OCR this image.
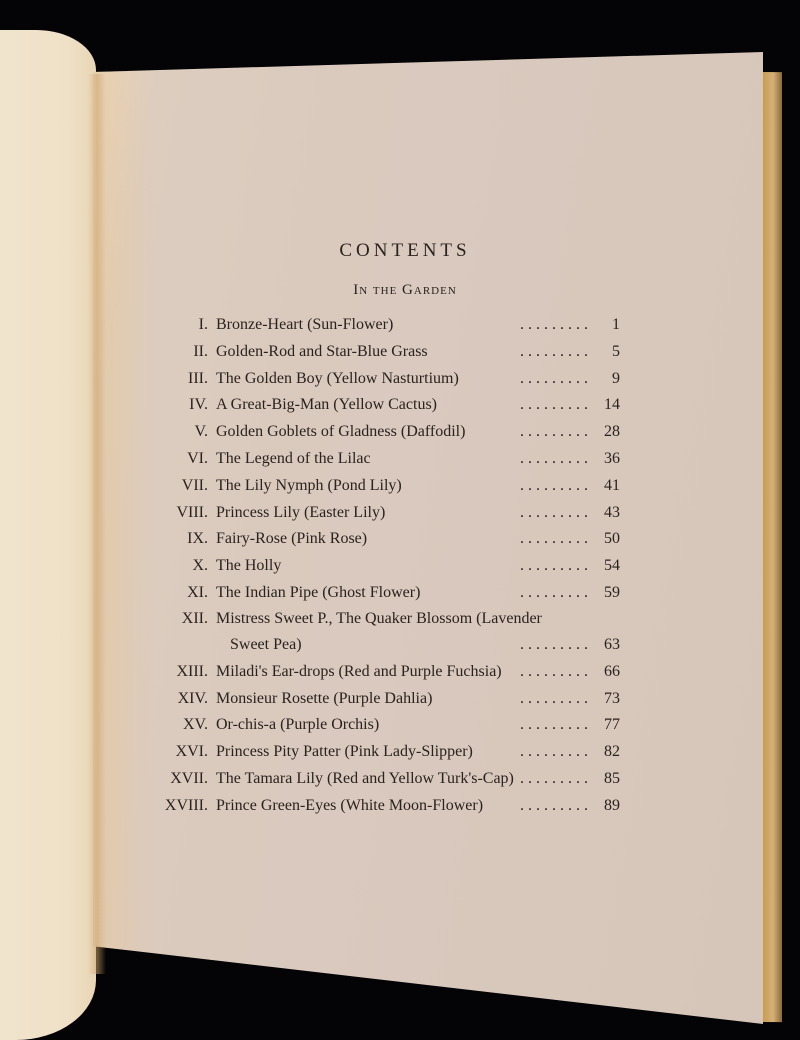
CONTENTS
In the Garden
I. Bronze-Heart (Sun-Flower)	. . . . . . . . .	1
II. Golden-Rod and Star-Blue Grass	. . . . . . . . .	5
III. The Golden Boy (Yellow Nasturtium)	. . . . . . . . .	9
IV. A Great-Big-Man (Yellow Cactus)	. . . . . . . . .	14
V. Golden Goblets of Gladness (Daffodil)	. . . . . . . . .	28
VI. The Legend of the Lilac	. . . . . . . . .	36
VII. The Lily Nymph (Pond Lily)	. . . . . . . . .	41
VIII. Princess Lily (Easter Lily)	. . . . . . . . .	43
IX. Fairy-Rose (Pink Rose)	. . . . . . . . .	50
X. The Holly	. . . . . . . . .	54
XI. The Indian Pipe (Ghost Flower)	. . . . . . . . .	59
XII. Mistress Sweet P., The Quaker Blossom (Lavender
Sweet Pea)	. . . . . . . . .	63
XIII. Miladi's Ear-drops (Red and Purple Fuchsia)	. . . . . . . . .	66
XIV. Monsieur Rosette (Purple Dahlia)	. . . . . . . . .	73
XV. Or-chis-a (Purple Orchis)	. . . . . . . . .	77
XVI. Princess Pity Patter (Pink Lady-Slipper)	. . . . . . . . .	82
XVII. The Tamara Lily (Red and Yellow Turk's-Cap) . . . . . . . . .	85
XVIII. Prince Green-Eyes (White Moon-Flower)	. . . . . . . . .	89
